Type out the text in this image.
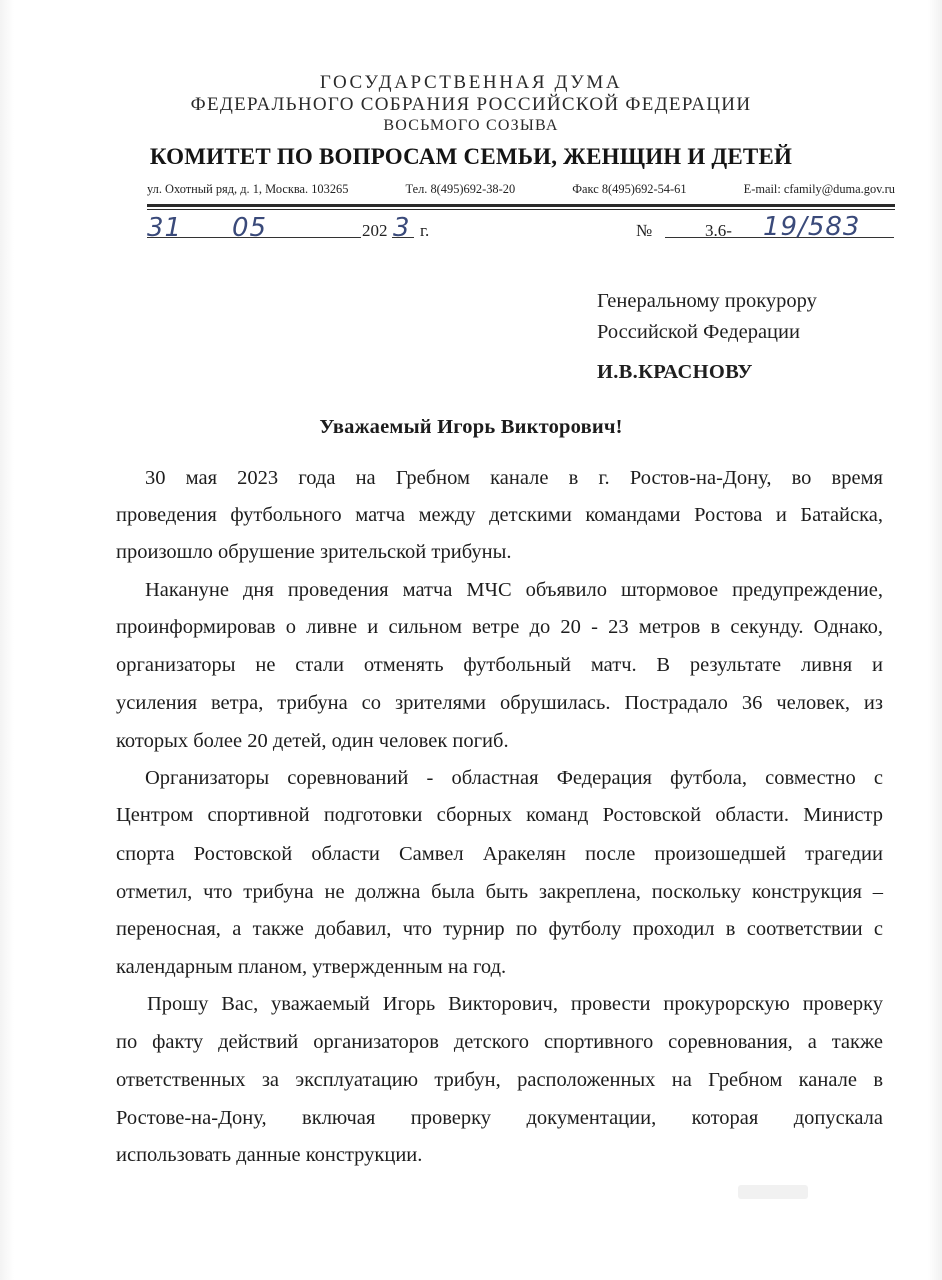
ГОСУДАРСТВЕННАЯ ДУМА
ФЕДЕРАЛЬНОГО СОБРАНИЯ РОССИЙСКОЙ ФЕДЕРАЦИИ
ВОСЬМОГО СОЗЫВА
КОМИТЕТ ПО ВОПРОСАМ СЕМЬИ, ЖЕНЩИН И ДЕТЕЙ
ул. Охотный ряд, д. 1, Москва. 103265	Тел. 8(495)692-38-20	Факс 8(495)692-54-61	E-mail: cfamily@duma.gov.ru
31 05	202 3 г.	№	3.6- 19/583
Генеральному прокурору
Российской Федерации
И.В.КРАСНОВУ
Уважаемый Игорь Викторович!
30 мая 2023 года на Гребном канале в г. Ростов-на-Дону, во время
проведения футбольного матча между детскими командами Ростова и Батайска,
произошло обрушение зрительской трибуны.
Накануне дня проведения матча МЧС объявило штормовое предупреждение,
проинформировав о ливне и сильном ветре до 20 - 23 метров в секунду. Однако,
организаторы не стали отменять футбольный матч. В результате ливня и
усиления ветра, трибуна со зрителями обрушилась. Пострадало 36 человек, из
которых более 20 детей, один человек погиб.
Организаторы соревнований - областная Федерация футбола, совместно с
Центром спортивной подготовки сборных команд Ростовской области. Министр
спорта Ростовской области Самвел Аракелян после произошедшей трагедии
отметил, что трибуна не должна была быть закреплена, поскольку конструкция –
переносная, а также добавил, что турнир по футболу проходил в соответствии с
календарным планом, утвержденным на год.
Прошу Вас, уважаемый Игорь Викторович, провести прокурорскую проверку
по факту действий организаторов детского спортивного соревнования, а также
ответственных за эксплуатацию трибун, расположенных на Гребном канале в
Ростове-на-Дону, включая проверку документации, которая допускала
использовать данные конструкции.
